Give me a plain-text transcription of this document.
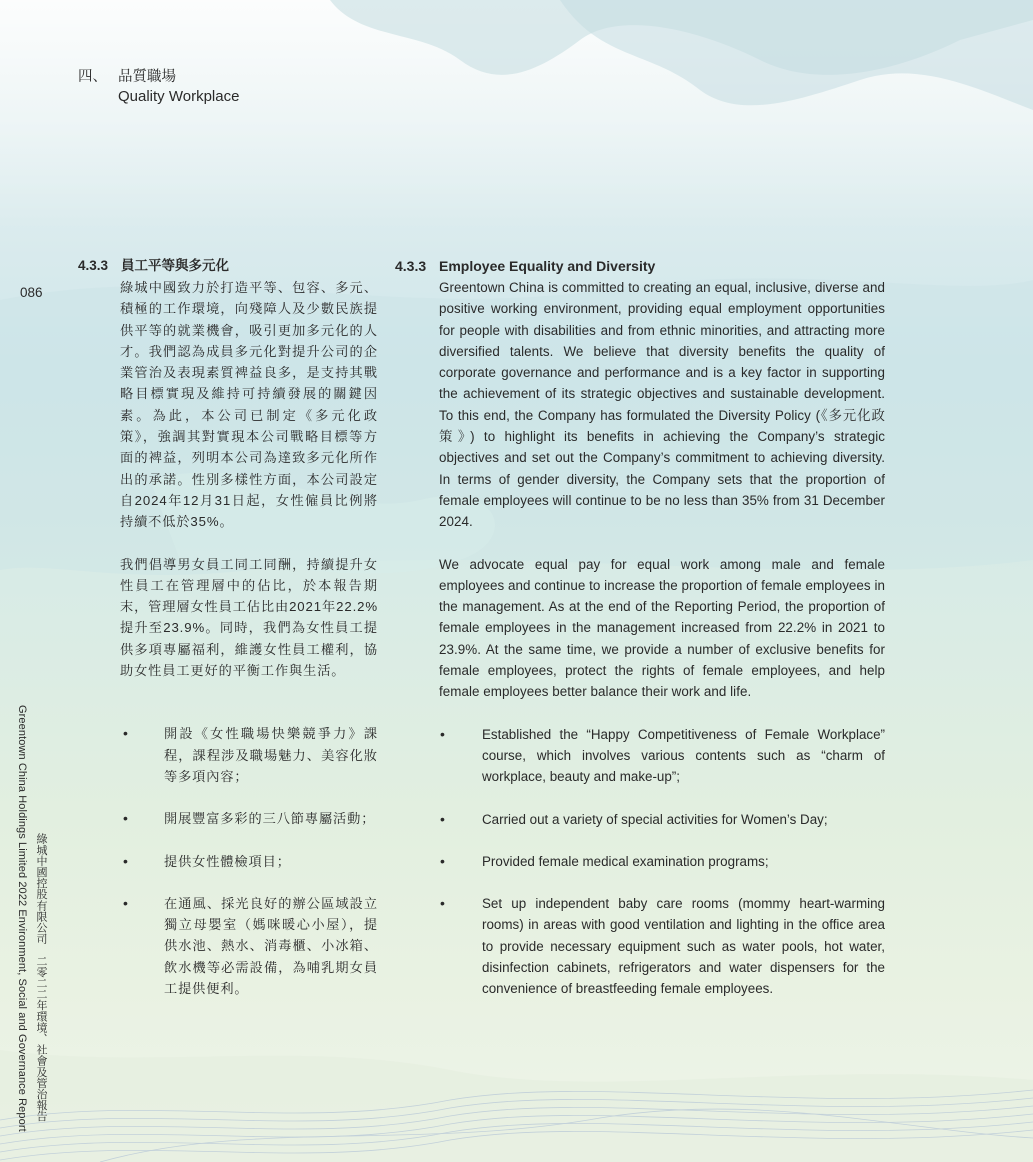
四、 品質職場
Quality Workplace
086
Greentown China Holdings Limited 2022 Environment, Social and Governance Report 綠城中國控股有限公司　二零二二年環境、社會及管治報告
4.3.3 員工平等與多元化
綠城中國致力於打造平等、包容、多元、積極的工作環境，向殘障人及少數民族提供平等的就業機會，吸引更加多元化的人才。我們認為成員多元化對提升公司的企業管治及表現素質裨益良多，是支持其戰略目標實現及維持可持續發展的關鍵因素。為此，本公司已制定《多元化政策》，強調其對實現本公司戰略目標等方面的裨益，列明本公司為達致多元化所作出的承諾。性別多樣性方面，本公司設定自2024年12月31日起，女性僱員比例將持續不低於35%。
我們倡導男女員工同工同酬，持續提升女性員工在管理層中的佔比，於本報告期末，管理層女性員工佔比由2021年22.2%提升至23.9%。同時，我們為女性員工提供多項專屬福利，維護女性員工權利，協助女性員工更好的平衡工作與生活。
•	開設《女性職場快樂競爭力》課程，課程涉及職場魅力、美容化妝等多項內容；
•	開展豐富多彩的三八節專屬活動；
•	提供女性體檢項目；
•	在通風、採光良好的辦公區域設立獨立母嬰室（媽咪暖心小屋），提供水池、熱水、消毒櫃、小冰箱、飲水機等必需設備，為哺乳期女員工提供便利。
4.3.3 Employee Equality and Diversity
Greentown China is committed to creating an equal, inclusive, diverse and positive working environment, providing equal employment opportunities for people with disabilities and from ethnic minorities, and attracting more diversified talents. We believe that diversity benefits the quality of corporate governance and performance and is a key factor in supporting the achievement of its strategic objectives and sustainable development. To this end, the Company has formulated the Diversity Policy (《多元化政策》) to highlight its benefits in achieving the Company’s strategic objectives and set out the Company’s commitment to achieving diversity. In terms of gender diversity, the Company sets that the proportion of female employees will continue to be no less than 35% from 31 December 2024.
We advocate equal pay for equal work among male and female employees and continue to increase the proportion of female employees in the management. As at the end of the Reporting Period, the proportion of female employees in the management increased from 22.2% in 2021 to 23.9%. At the same time, we provide a number of exclusive benefits for female employees, protect the rights of female employees, and help female employees better balance their work and life.
•	Established the “Happy Competitiveness of Female Workplace” course, which involves various contents such as “charm of workplace, beauty and make-up”;
•	Carried out a variety of special activities for Women’s Day;
•	Provided female medical examination programs;
•	Set up independent baby care rooms (mommy heart-warming rooms) in areas with good ventilation and lighting in the office area to provide necessary equipment such as water pools, hot water, disinfection cabinets, refrigerators and water dispensers for the convenience of breastfeeding female employees.
